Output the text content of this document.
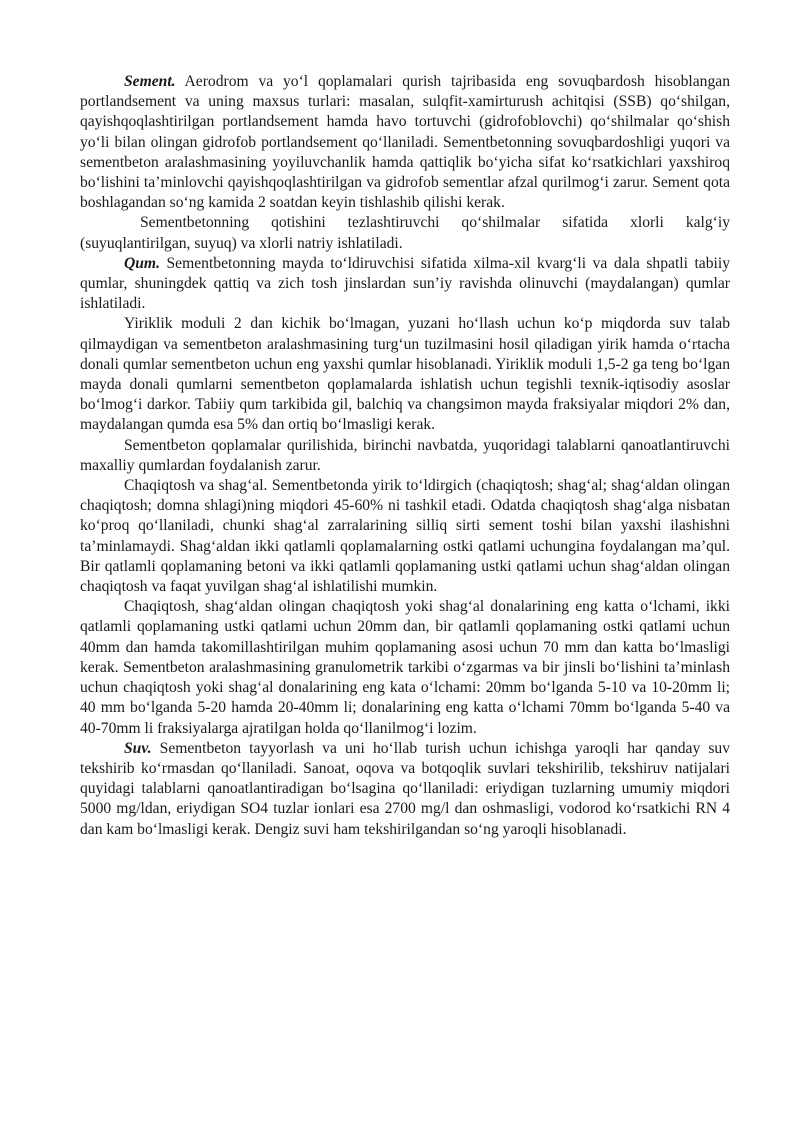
Sement. Aerodrom va yo‘l qoplamalari qurish tajribasida eng sovuqbardosh hisoblangan portlandsement va uning maxsus turlari: masalan, sulqfit-xamirturush achitqisi (SSB) qo‘shilgan, qayishqoqlashtirilgan portlandsement hamda havo tortuvchi (gidrofoblovchi) qo‘shilmalar qo‘shish yo‘li bilan olingan gidrofob portlandsement qo‘llaniladi. Sementbetonning sovuqbardoshligi yuqori va sementbeton aralashmasining yoyiluvchanlik hamda qattiqlik bo‘yicha sifat ko‘rsatkichlari yaxshiroq bo‘lishini ta’minlovchi qayishqoqlashtirilgan va gidrofob sementlar afzal qurilmog‘i zarur. Sement qota boshlagandan so‘ng kamida 2 soatdan keyin tishlashib qilishi kerak.

Sementbetonning qotishini tezlashtiruvchi qo‘shilmalar sifatida xlorli kalg‘iy (suyuqlantirilgan, suyuq) va xlorli natriy ishlatiladi.

Qum. Sementbetonning mayda to‘ldiruvchisi sifatida xilma-xil kvarg‘li va dala shpatli tabiiy qumlar, shuningdek qattiq va zich tosh jinslardan sun’iy ravishda olinuvchi (maydalangan) qumlar ishlatiladi.

Yiriklik moduli 2 dan kichik bo‘lmagan, yuzani ho‘llash uchun ko‘p miqdorda suv talab qilmaydigan va sementbeton aralashmasining turg‘un tuzilmasini hosil qiladigan yirik hamda o‘rtacha donali qumlar sementbeton uchun eng yaxshi qumlar hisoblanadi. Yiriklik moduli 1,5-2 ga teng bo‘lgan mayda donali qumlarni sementbeton qoplamalarda ishlatish uchun tegishli texnik-iqtisodiy asoslar bo‘lmog‘i darkor. Tabiiy qum tarkibida gil, balchiq va changsimon mayda fraksiyalar miqdori 2% dan, maydalangan qumda esa 5% dan ortiq bo‘lmasligi kerak.

Sementbeton qoplamalar qurilishida, birinchi navbatda, yuqoridagi talablarni qanoatlantiruvchi maxalliy qumlardan foydalanish zarur.

Chaqiqtosh va shag‘al. Sementbetonda yirik to‘ldirgich (chaqiqtosh; shag‘al; shag‘aldan olingan chaqiqtosh; domna shlagi)ning miqdori 45-60% ni tashkil etadi. Odatda chaqiqtosh shag‘alga nisbatan ko‘proq qo‘llaniladi, chunki shag‘al zarralarining silliq sirti sement toshi bilan yaxshi ilashishni ta’minlamaydi. Shag‘aldan ikki qatlamli qoplamalarning ostki qatlami uchungina foydalangan ma’qul. Bir qatlamli qoplamaning betoni va ikki qatlamli qoplamaning ustki qatlami uchun shag‘aldan olingan chaqiqtosh va faqat yuvilgan shag‘al ishlatilishi mumkin.

Chaqiqtosh, shag‘aldan olingan chaqiqtosh yoki shag‘al donalarining eng katta o‘lchami, ikki qatlamli qoplamaning ustki qatlami uchun 20mm dan, bir qatlamli qoplamaning ostki qatlami uchun 40mm dan hamda takomillashtirilgan muhim qoplamaning asosi uchun 70 mm dan katta bo‘lmasligi kerak. Sementbeton aralashmasining granulometrik tarkibi o‘zgarmas va bir jinsli bo‘lishini ta’minlash uchun chaqiqtosh yoki shag‘al donalarining eng kata o‘lchami: 20mm bo‘lganda 5-10 va 10-20mm li; 40 mm bo‘lganda 5-20 hamda 20-40mm li; donalarining eng katta o‘lchami 70mm bo‘lganda 5-40 va 40-70mm li fraksiyalarga ajratilgan holda qo‘llanilmog‘i lozim.

Suv. Sementbeton tayyorlash va uni ho‘llab turish uchun ichishga yaroqli har qanday suv tekshirib ko‘rmasdan qo‘llaniladi. Sanoat, oqova va botqoqlik suvlari tekshirilib, tekshiruv natijalari quyidagi talablarni qanoatlantiradigan bo‘lsagina qo‘llaniladi: eriydigan tuzlarning umumiy miqdori 5000 mg/ldan, eriydigan SO4 tuzlar ionlari esa 2700 mg/l dan oshmasligi, vodorod ko‘rsatkichi RN 4 dan kam bo‘lmasligi kerak. Dengiz suvi ham tekshirilgandan so‘ng yaroqli hisoblanadi.
